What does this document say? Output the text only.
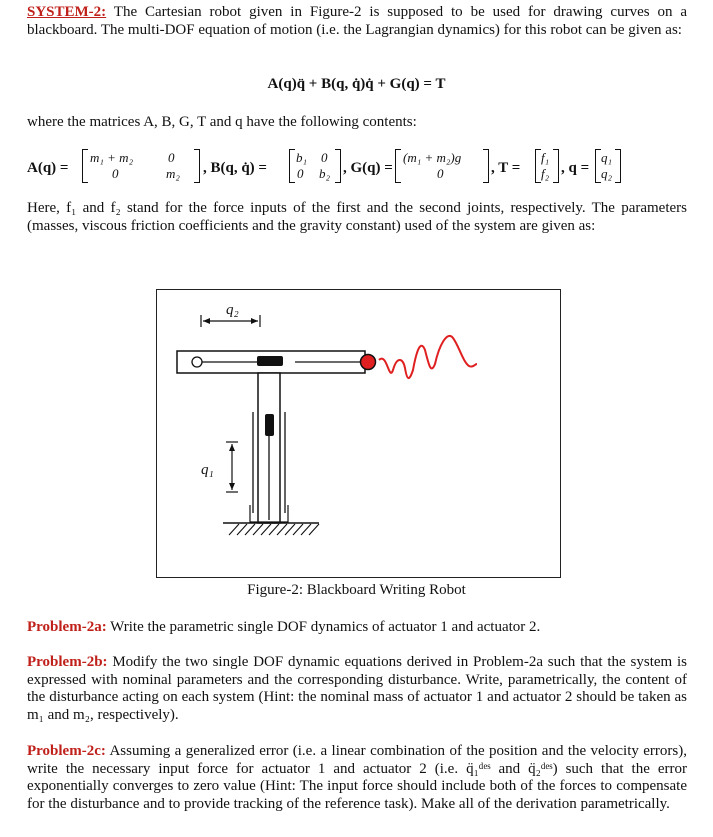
SYSTEM-2: The Cartesian robot given in Figure-2 is supposed to be used for drawing curves on a blackboard. The multi-DOF equation of motion (i.e. the Lagrangian dynamics) for this robot can be given as:

A(q)q̈ + B(q, q̇)q̇ + G(q) = T

where the matrices A, B, G, T and q have the following contents:

A(q) =
m₁ + m₂	0
0	m₂ , B(q, q̇) =
b₁ 0
0 b₂ , G(q) =
(m₁ + m₂)g
0	, T =
f₁
f₂ , q =
q₁
q₂

Here, f₁ and f₂ stand for the force inputs of the first and the second joints, respectively. The parameters (masses, viscous friction coefficients and the gravity constant) used of the system are given as:

q₂
q₁
Figure-2: Blackboard Writing Robot

Problem-2a: Write the parametric single DOF dynamics of actuator 1 and actuator 2.

Problem-2b: Modify the two single DOF dynamic equations derived in Problem-2a such that the system is expressed with nominal parameters and the corresponding disturbance. Write, parametrically, the content of the disturbance acting on each system (Hint: the nominal mass of actuator 1 and actuator 2 should be taken as m₁ and m₂, respectively).

Problem-2c: Assuming a generalized error (i.e. a linear combination of the position and the velocity errors), write the necessary input force for actuator 1 and actuator 2 (i.e. q̈₁ᵈᵉˢ and q̈₂ᵈᵉˢ) such that the error exponentially converges to zero value (Hint: The input force should include both of the forces to compensate for the disturbance and to provide tracking of the reference task). Make all of the derivation parametrically.
